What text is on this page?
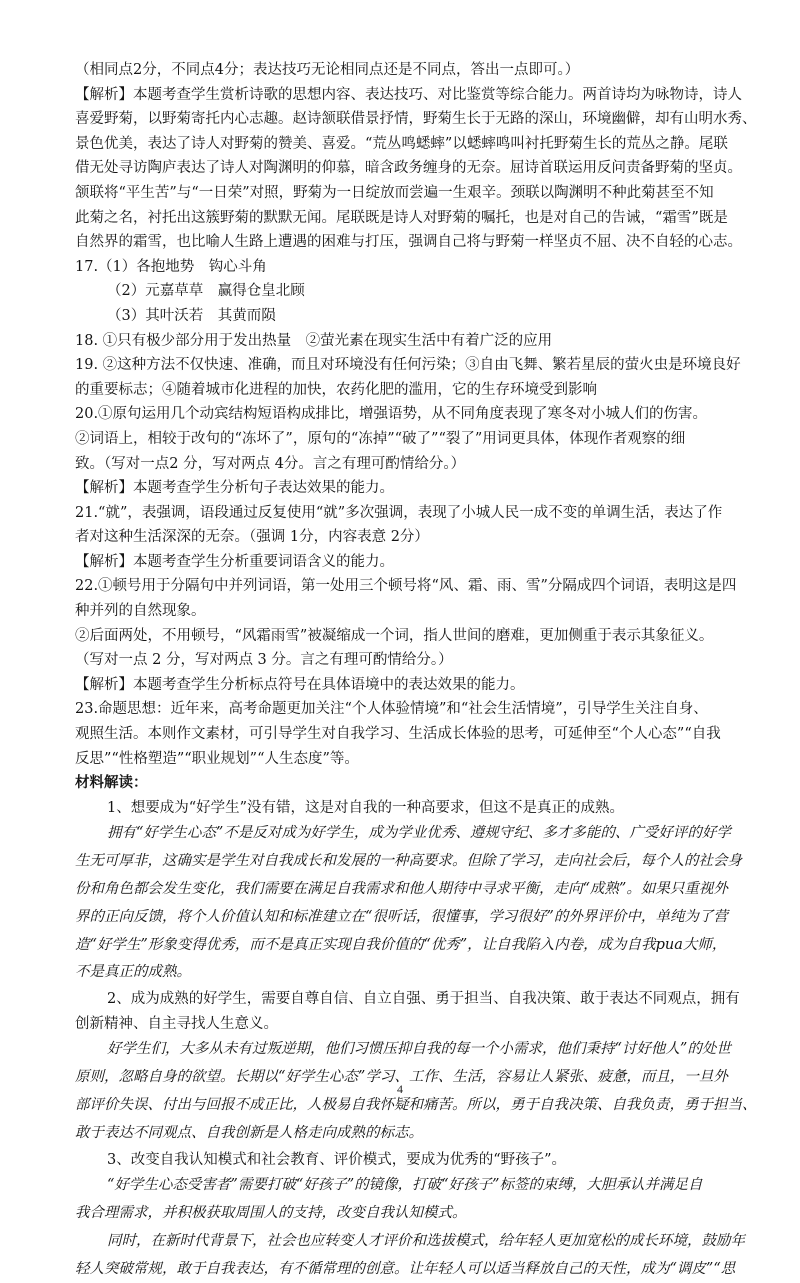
（相同点2分，不同点4分；表达技巧无论相同点还是不同点，答出一点即可。）

【解析】本题考查学生赏析诗歌的思想内容、表达技巧、对比鉴赏等综合能力。两首诗均为咏物诗，诗人

喜爱野菊，以野菊寄托内心志趣。赵诗颔联借景抒情，野菊生长于无路的深山，环境幽僻，却有山明水秀、

景色优美，表达了诗人对野菊的赞美、喜爱。“荒丛鸣蟋蟀”以蟋蟀鸣叫衬托野菊生长的荒丛之静。尾联

借无处寻访陶庐表达了诗人对陶渊明的仰慕，暗含政务缠身的无奈。屈诗首联运用反问责备野菊的坚贞。

颔联将“平生苦”与“一日荣”对照，野菊为一日绽放而尝遍一生艰辛。颈联以陶渊明不种此菊甚至不知

此菊之名，衬托出这簇野菊的默默无闻。尾联既是诗人对野菊的嘱托，也是对自己的告诫，“霜雪”既是

自然界的霜雪，也比喻人生路上遭遇的困难与打压，强调自己将与野菊一样坚贞不屈、决不自轻的心志。

17.（1）各抱地势　钩心斗角

（2）元嘉草草　赢得仓皇北顾

（3）其叶沃若　其黄而陨

18. ①只有极少部分用于发出热量　②萤光素在现实生活中有着广泛的应用

19. ②这种方法不仅快速、准确，而且对环境没有任何污染；③自由飞舞、繁若星辰的萤火虫是环境良好

的重要标志；④随着城市化进程的加快，农药化肥的滥用，它的生存环境受到影响

20.①原句运用几个动宾结构短语构成排比，增强语势，从不同角度表现了寒冬对小城人们的伤害。

②词语上，相较于改句的“冻坏了”，原句的“冻掉”“破了”“裂了”用词更具体，体现作者观察的细

致。（写对一点2 分，写对两点 4分。言之有理可酌情给分。）

【解析】本题考查学生分析句子表达效果的能力。

21.“就”，表强调，语段通过反复使用“就”多次强调，表现了小城人民一成不变的单调生活，表达了作

者对这种生活深深的无奈。（强调 1分，内容表意 2分）

【解析】本题考查学生分析重要词语含义的能力。

22.①顿号用于分隔句中并列词语，第一处用三个顿号将“风、霜、雨、雪”分隔成四个词语，表明这是四

种并列的自然现象。

②后面两处，不用顿号，“风霜雨雪”被凝缩成一个词，指人世间的磨难，更加侧重于表示其象征义。

（写对一点 2 分，写对两点 3 分。言之有理可酌情给分。）

【解析】本题考查学生分析标点符号在具体语境中的表达效果的能力。

23.命题思想：近年来，高考命题更加关注“个人体验情境”和“社会生活情境”，引导学生关注自身、

观照生活。本则作文素材，可引导学生对自我学习、生活成长体验的思考，可延伸至“个人心态”“自我

反思”“性格塑造”“职业规划”“人生态度”等。

材料解读：

1、想要成为“好学生”没有错，这是对自我的一种高要求，但这不是真正的成熟。

拥有“好学生心态”不是反对成为好学生，成为学业优秀、遵规守纪、多才多能的、广受好评的好学

生无可厚非，这确实是学生对自我成长和发展的一种高要求。但除了学习，走向社会后，每个人的社会身

份和角色都会发生变化，我们需要在满足自我需求和他人期待中寻求平衡，走向“成熟”。如果只重视外

界的正向反馈，将个人价值认知和标准建立在“很听话，很懂事，学习很好”的外界评价中，单纯为了营

造“好学生”形象变得优秀，而不是真正实现自我价值的“优秀”，让自我陷入内卷，成为自我pua大师，

不是真正的成熟。

2、成为成熟的好学生，需要自尊自信、自立自强、勇于担当、自我决策、敢于表达不同观点，拥有

创新精神、自主寻找人生意义。

好学生们，大多从未有过叛逆期，他们习惯压抑自我的每一个小需求，他们秉持“讨好他人”的处世

原则，忽略自身的欲望。长期以“好学生心态”学习、工作、生活，容易让人紧张、疲惫，而且，一旦外

部评价失误、付出与回报不成正比，人极易自我怀疑和痛苦。所以，勇于自我决策、自我负责，勇于担当、

敢于表达不同观点、自我创新是人格走向成熟的标志。

3、改变自我认知模式和社会教育、评价模式，要成为优秀的“野孩子”。

“好学生心态受害者”需要打破“好孩子”的镜像，打破“好孩子”标签的束缚，大胆承认并满足自

我合理需求，并积极获取周围人的支持，改变自我认知模式。

同时，在新时代背景下，社会也应转变人才评价和选拔模式，给年轻人更加宽松的成长环境，鼓励年

轻人突破常规，敢于自我表达，有不循常理的创意。让年轻人可以适当释放自己的天性，成为“调皮”“思

4
